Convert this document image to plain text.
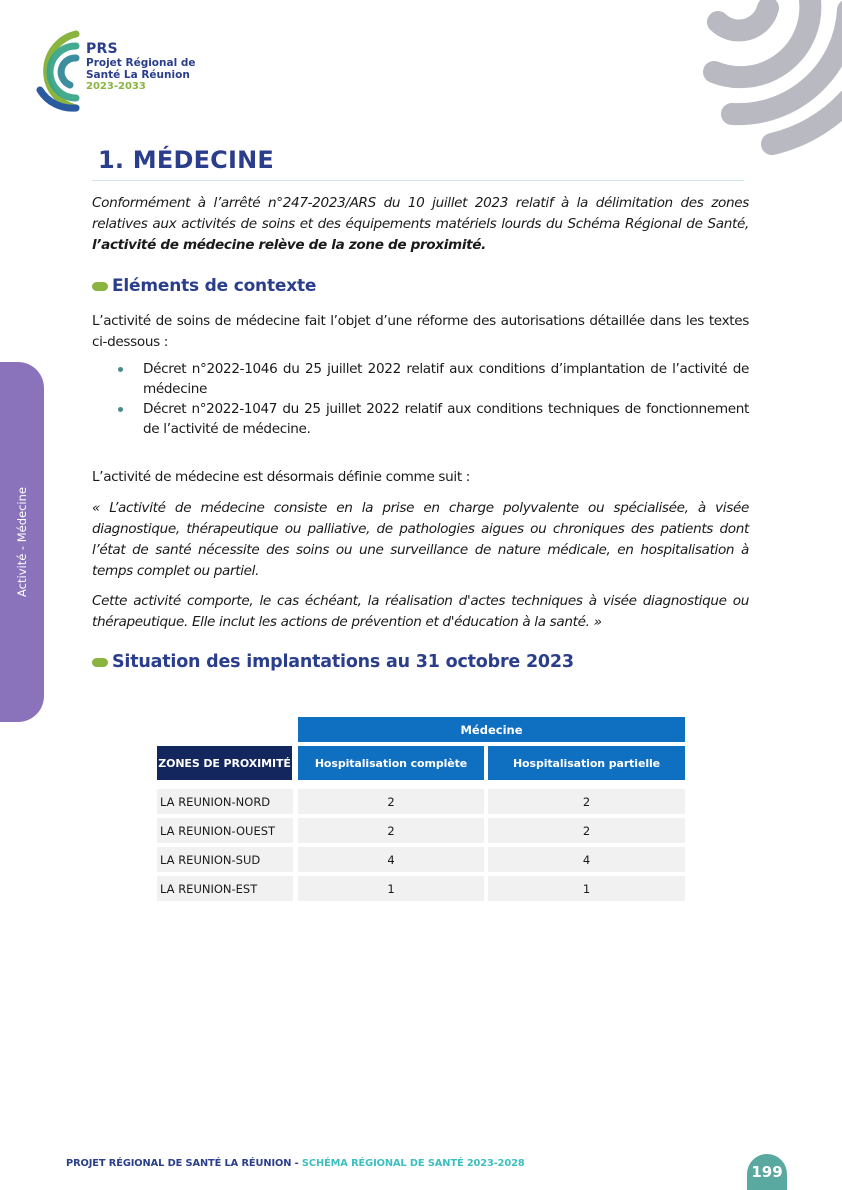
PRS
Projet Régional de
Santé La Réunion
2023-2033
Activité - Médecine
1. MÉDECINE

Conformément à l’arrêté n°247-2023/ARS du 10 juillet 2023 relatif à la délimitation des zones relatives aux activités de soins et des équipements matériels lourds du Schéma Régional de Santé, l’activité de médecine relève de la zone de proximité.

Eléments de contexte

L’activité de soins de médecine fait l’objet d’une réforme des autorisations détaillée dans les textes ci-dessous :

Décret n°2022-1046 du 25 juillet 2022 relatif aux conditions d’implantation de l’activité de médecine
Décret n°2022-1047 du 25 juillet 2022 relatif aux conditions techniques de fonctionnement de l’activité de médecine.

L’activité de médecine est désormais définie comme suit :

« L’activité de médecine consiste en la prise en charge polyvalente ou spécialisée, à visée diagnostique, thérapeutique ou palliative, de pathologies aigues ou chroniques des patients dont l’état de santé nécessite des soins ou une surveillance de nature médicale, en hospitalisation à temps complet ou partiel.

Cette activité comporte, le cas échéant, la réalisation d'actes techniques à visée diagnostique ou thérapeutique. Elle inclut les actions de prévention et d'éducation à la santé. »

Situation des implantations au 31 octobre 2023
Médecine
ZONES DE PROXIMITÉ	Hospitalisation complète	Hospitalisation partielle
LA REUNION-NORD	2	2
LA REUNION-OUEST	2	2
LA REUNION-SUD	4	4
LA REUNION-EST	1	1
PROJET RÉGIONAL DE SANTÉ LA RÉUNION - SCHÉMA RÉGIONAL DE SANTÉ 2023-2028	199
